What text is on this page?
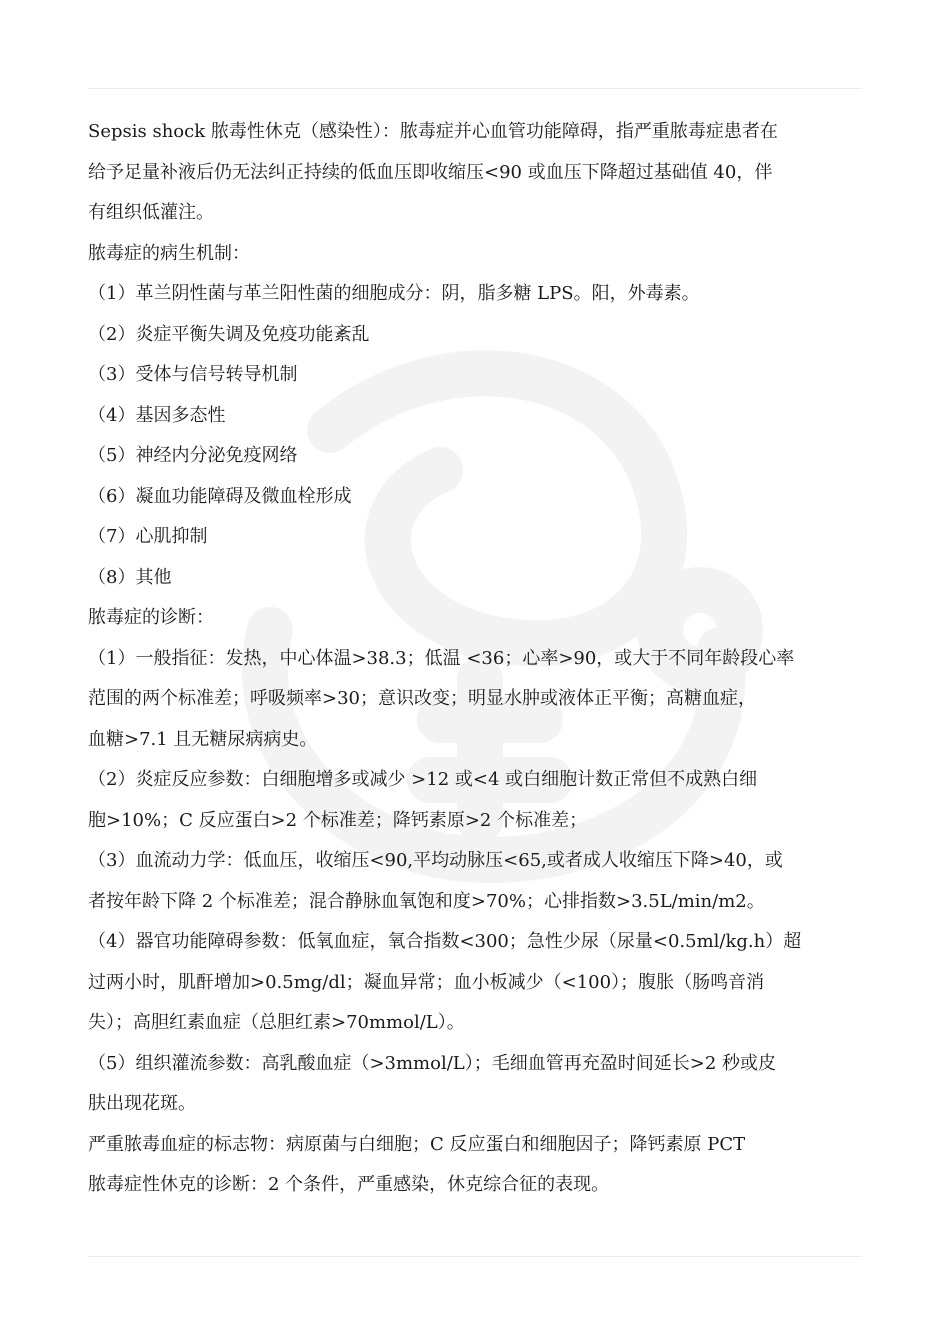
Sepsis shock 脓毒性休克（感染性）：脓毒症并心血管功能障碍，指严重脓毒症患者在
给予足量补液后仍无法纠正持续的低血压即收缩压<90 或血压下降超过基础值 40，伴
有组织低灌注。

脓毒症的病生机制：

（1）革兰阴性菌与革兰阳性菌的细胞成分：阴，脂多糖 LPS。阳，外毒素。

（2）炎症平衡失调及免疫功能紊乱

（3）受体与信号转导机制

（4）基因多态性

（5）神经内分泌免疫网络

（6）凝血功能障碍及微血栓形成

（7）心肌抑制

（8）其他

脓毒症的诊断：

（1）一般指征：发热，中心体温>38.3；低温 <36；心率>90，或大于不同年龄段心率
范围的两个标准差；呼吸频率>30；意识改变；明显水肿或液体正平衡；高糖血症，
血糖>7.1 且无糖尿病病史。

（2）炎症反应参数：白细胞增多或减少 >12 或<4 或白细胞计数正常但不成熟白细
胞>10%；C 反应蛋白>2 个标准差；降钙素原>2 个标准差；

（3）血流动力学：低血压，收缩压<90,平均动脉压<65,或者成人收缩压下降>40，或
者按年龄下降 2 个标准差；混合静脉血氧饱和度>70%；心排指数>3.5L/min/m2。

（4）器官功能障碍参数：低氧血症，氧合指数<300；急性少尿（尿量<0.5ml/kg.h）超
过两小时，肌酐增加>0.5mg/dl；凝血异常；血小板减少（<100）；腹胀（肠鸣音消
失）；高胆红素血症（总胆红素>70mmol/L）。

（5）组织灌流参数：高乳酸血症（>3mmol/L）；毛细血管再充盈时间延长>2 秒或皮
肤出现花斑。

严重脓毒血症的标志物：病原菌与白细胞；C 反应蛋白和细胞因子；降钙素原 PCT

脓毒症性休克的诊断：2 个条件，严重感染，休克综合征的表现。
